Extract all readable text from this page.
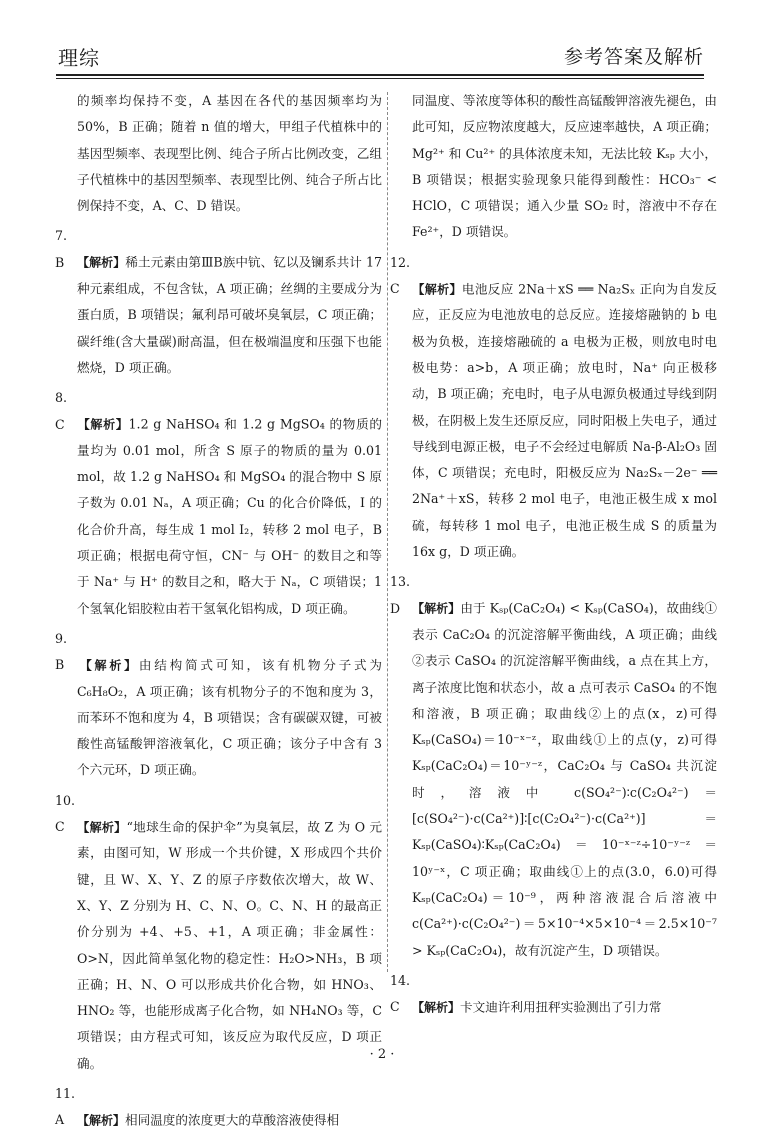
理综	参考答案及解析
的频率均保持不变，A 基因在各代的基因频率均为 50%，B 正确；随着 n 值的增大，甲组子代植株中的基因型频率、表现型比例、纯合子所占比例改变，乙组子代植株中的基因型频率、表现型比例、纯合子所占比例保持不变，A、C、D 错误。
7. B 【解析】稀土元素由第ⅢB族中钪、钇以及镧系共计 17 种元素组成，不包含钛，A 项正确；丝绸的主要成分为蛋白质，B 项错误；氟利昂可破坏臭氧层，C 项正确；碳纤维(含大量碳)耐高温，但在极端温度和压强下也能燃烧，D 项正确。
8. C 【解析】1.2 g NaHSO₄ 和 1.2 g MgSO₄ 的物质的量均为 0.01 mol，所含 S 原子的物质的量为 0.01 mol，故 1.2 g NaHSO₄ 和 MgSO₄ 的混合物中 S 原子数为 0.01 Nₐ，A 项正确；Cu 的化合价降低，I 的化合价升高，每生成 1 mol I₂，转移 2 mol 电子，B 项正确；根据电荷守恒，CN⁻ 与 OH⁻ 的数目之和等于 Na⁺ 与 H⁺ 的数目之和，略大于 Nₐ，C 项错误；1 个氢氧化铝胶粒由若干氢氧化铝构成，D 项正确。
9. B 【解析】由结构简式可知，该有机物分子式为 C₆H₈O₂，A 项正确；该有机物分子的不饱和度为 3，而苯环不饱和度为 4，B 项错误；含有碳碳双键，可被酸性高锰酸钾溶液氧化，C 项正确；该分子中含有 3 个六元环，D 项正确。
10. C 【解析】“地球生命的保护伞”为臭氧层，故 Z 为 O 元素，由图可知，W 形成一个共价键，X 形成四个共价键，且 W、X、Y、Z 的原子序数依次增大，故 W、X、Y、Z 分别为 H、C、N、O。C、N、H 的最高正价分别为 +4、+5、+1，A 项正确；非金属性：O>N，因此简单氢化物的稳定性：H₂O>NH₃，B 项正确；H、N、O 可以形成共价化合物，如 HNO₃、HNO₂ 等，也能形成离子化合物，如 NH₄NO₃ 等，C 项错误；由方程式可知，该反应为取代反应，D 项正确。
11. A 【解析】相同温度的浓度更大的草酸溶液使得相
同温度、等浓度等体积的酸性高锰酸钾溶液先褪色，由此可知，反应物浓度越大，反应速率越快，A 项正确；Mg²⁺ 和 Cu²⁺ 的具体浓度未知，无法比较 Kₛₚ 大小，B 项错误；根据实验现象只能得到酸性：HCO₃⁻ < HClO，C 项错误；通入少量 SO₂ 时，溶液中不存在 Fe²⁺，D 项错误。
12. C 【解析】电池反应 2Na＋xS ══ Na₂Sₓ 正向为自发反应，正反应为电池放电的总反应。连接熔融钠的 b 电极为负极，连接熔融硫的 a 电极为正极，则放电时电极电势：a>b，A 项正确；放电时，Na⁺ 向正极移动，B 项正确；充电时，电子从电源负极通过导线到阴极，在阴极上发生还原反应，同时阳极上失电子，通过导线到电源正极，电子不会经过电解质 Na-β-Al₂O₃ 固体，C 项错误；充电时，阳极反应为 Na₂Sₓ－2e⁻ ══ 2Na⁺＋xS，转移 2 mol 电子，电池正极生成 x mol 硫，每转移 1 mol 电子，电池正极生成 S 的质量为 16x g，D 项正确。
13. D 【解析】由于 Kₛₚ(CaC₂O₄) < Kₛₚ(CaSO₄)，故曲线①表示 CaC₂O₄ 的沉淀溶解平衡曲线，A 项正确；曲线②表示 CaSO₄ 的沉淀溶解平衡曲线，a 点在其上方，离子浓度比饱和状态小，故 a 点可表示 CaSO₄ 的不饱和溶液，B 项正确；取曲线②上的点(x，z)可得 Kₛₚ(CaSO₄)＝10⁻ˣ⁻ᶻ，取曲线①上的点(y，z)可得 Kₛₚ(CaC₂O₄)＝10⁻ʸ⁻ᶻ，CaC₂O₄ 与 CaSO₄ 共沉淀时，溶液中 c(SO₄²⁻)∶c(C₂O₄²⁻)＝[c(SO₄²⁻)·c(Ca²⁺)]∶[c(C₂O₄²⁻)·c(Ca²⁺)]＝Kₛₚ(CaSO₄)∶Kₛₚ(CaC₂O₄)＝10⁻ˣ⁻ᶻ÷10⁻ʸ⁻ᶻ＝10ʸ⁻ˣ，C 项正确；取曲线①上的点(3.0，6.0)可得 Kₛₚ(CaC₂O₄)＝10⁻⁹，两种溶液混合后溶液中 c(Ca²⁺)·c(C₂O₄²⁻)＝5×10⁻⁴×5×10⁻⁴＝2.5×10⁻⁷ > Kₛₚ(CaC₂O₄)，故有沉淀产生，D 项错误。
14. C 【解析】卡文迪许利用扭秤实验测出了引力常
· 2 ·
